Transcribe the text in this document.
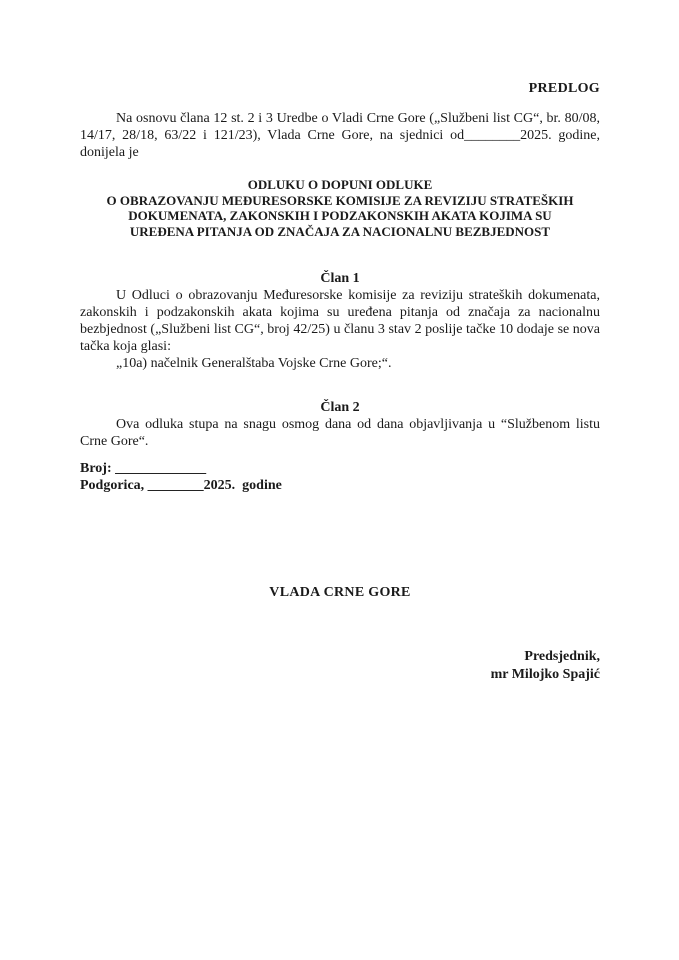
PREDLOG

Na osnovu člana 12 st. 2 i 3 Uredbe o Vladi Crne Gore („Službeni list CG“, br. 80/08, 14/17, 28/18, 63/22 i 121/23), Vlada Crne Gore, na sjednici od________2025. godine, donijela je

ODLUKU O DOPUNI ODLUKE
O OBRAZOVANJU MEĐURESORSKE KOMISIJE ZA REVIZIJU STRATEŠKIH
DOKUMENATA, ZAKONSKIH I PODZAKONSKIH AKATA KOJIMA SU
UREĐENA PITANJA OD ZNAČAJA ZA NACIONALNU BEZBJEDNOST
Član 1

U Odluci o obrazovanju Međuresorske komisije za reviziju strateških dokumenata, zakonskih i podzakonskih akata kojima su uređena pitanja od značaja za nacionalnu bezbjednost („Službeni list CG“, broj 42/25) u članu 3 stav 2 poslije tačke 10 dodaje se nova tačka koja glasi:

„10a) načelnik Generalštaba Vojske Crne Gore;“.

Član 2

Ova odluka stupa na snagu osmog dana od dana objavljivanja u “Službenom listu Crne Gore“.

Broj: _____________

Podgorica, ________2025.  godine

VLADA CRNE GORE
Predsjednik,
mr Milojko Spajić
